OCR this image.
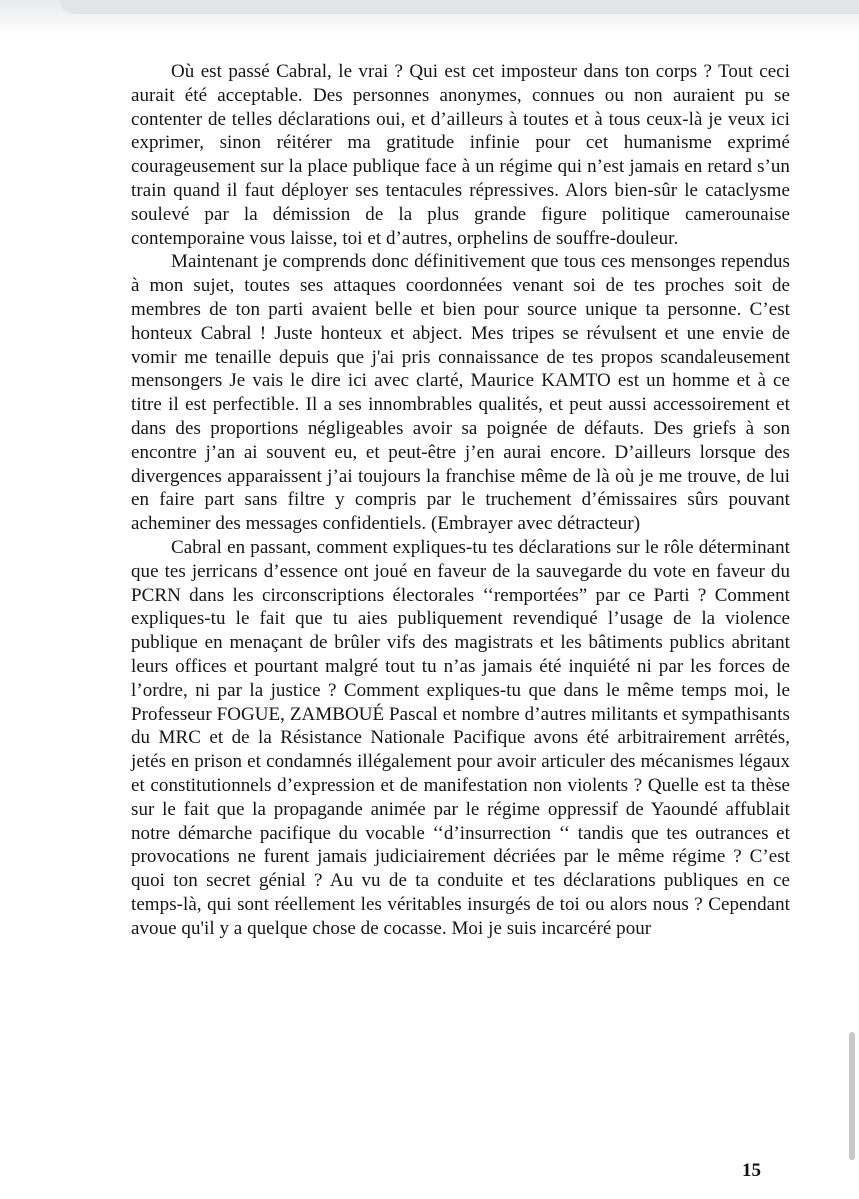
Où est passé Cabral, le vrai ? Qui est cet imposteur dans ton corps ? Tout ceci aurait été acceptable. Des personnes anonymes, connues ou non auraient pu se contenter de telles déclarations oui, et d’ailleurs à toutes et à tous ceux-là je veux ici exprimer, sinon réitérer ma gratitude infinie pour cet humanisme exprimé courageusement sur la place publique face à un régime qui n’est jamais en retard s’un train quand il faut déployer ses tentacules répressives. Alors bien-sûr le cataclysme soulevé par la démission de la plus grande figure politique camerounaise contemporaine vous laisse, toi et d’autres, orphelins de souffre-douleur.

Maintenant je comprends donc définitivement que tous ces mensonges rependus à mon sujet, toutes ses attaques coordonnées venant soi de tes proches soit de membres de ton parti avaient belle et bien pour source unique ta personne. C’est honteux Cabral ! Juste honteux et abject. Mes tripes se révulsent et une envie de vomir me tenaille depuis que j'ai pris connaissance de tes propos scandaleusement mensongers Je vais le dire ici avec clarté, Maurice KAMTO est un homme et à ce titre il est perfectible. Il a ses innombrables qualités, et peut aussi accessoirement et dans des proportions négligeables avoir sa poignée de défauts. Des griefs à son encontre j’an ai souvent eu, et peut-être j’en aurai encore. D’ailleurs lorsque des divergences apparaissent j’ai toujours la franchise même de là où je me trouve, de lui en faire part sans filtre y compris par le truchement d’émissaires sûrs pouvant acheminer des messages confidentiels. (Embrayer avec détracteur)

Cabral en passant, comment expliques-tu tes déclarations sur le rôle déterminant que tes jerricans d’essence ont joué en faveur de la sauvegarde du vote en faveur du PCRN dans les circonscriptions électorales ‘‘remportées” par ce Parti ? Comment expliques-tu le fait que tu aies publiquement revendiqué l’usage de la violence publique en menaçant de brûler vifs des magistrats et les bâtiments publics abritant leurs offices et pourtant malgré tout tu n’as jamais été inquiété ni par les forces de l’ordre, ni par la justice ? Comment expliques-tu que dans le même temps moi, le Professeur FOGUE, ZAMBOUÉ Pascal et nombre d’autres militants et sympathisants du MRC et de la Résistance Nationale Pacifique avons été arbitrairement arrêtés, jetés en prison et condamnés illégalement pour avoir articuler des mécanismes légaux et constitutionnels d’expression et de manifestation non violents ? Quelle est ta thèse sur le fait que la propagande animée par le régime oppressif de Yaoundé affublait notre démarche pacifique du vocable ‘‘d’insurrection ‘‘ tandis que tes outrances et provocations ne furent jamais judiciairement décriées par le même régime ? C’est quoi ton secret génial ? Au vu de ta conduite et tes déclarations publiques en ce temps-là, qui sont réellement les véritables insurgés de toi ou alors nous ? Cependant avoue qu'il y a quelque chose de cocasse. Moi je suis incarcéré pour

15
